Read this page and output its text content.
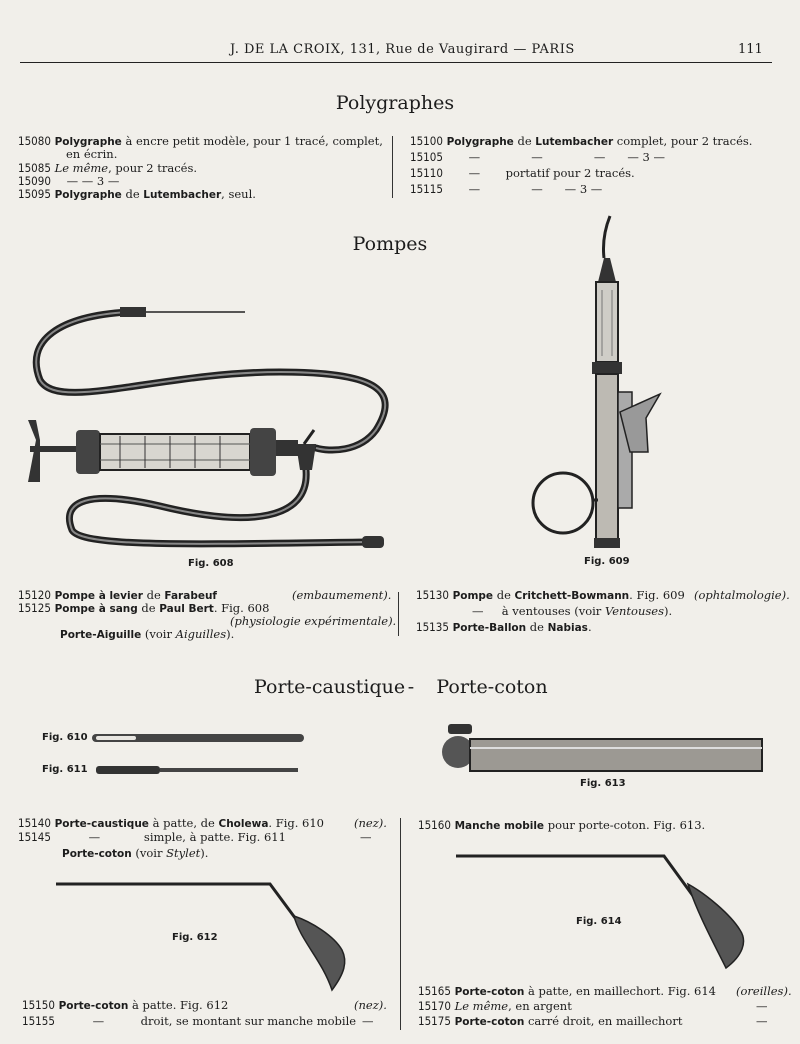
J. DE LA CROIX, 131, Rue de Vaugirard — PARIS	111
Polygraphes
15080 Polygraphe à encre petit modèle, pour 1 tracé, complet,
en écrin.
15085 Le même, pour 2 tracés.
15090 — — 3 —
15095 Polygraphe de Lutembacher, seul.
15100 Polygraphe de Lutembacher complet, pour 2 tracés.
15105 —              —              —      — 3 —
15110 —       portatif pour 2 tracés.
15115 —              —      — 3 —
Pompes
Fig. 608	Fig. 609
15120 Pompe à levier de Farabeuf	(embaumement).
15125 Pompe à sang de Paul Bert. Fig. 608
(physiologie expérimentale).
Porte-Aiguille (voir Aiguilles).
15130 Pompe de Critchett-Bowmann. Fig. 609 (ophtalmologie).
—     à ventouses (voir Ventouses).
15135 Porte-Ballon de Nabias.
Porte-caustique - Porte-coton
Fig. 610
Fig. 611
Fig. 613
Fig. 612
Fig. 614
15140 Porte-caustique à patte, de Cholewa. Fig. 610	(nez).
15145	—            simple, à patte. Fig. 611	—
Porte-coton (voir Stylet).
15160 Manche mobile pour porte-coton. Fig. 613.
15150 Porte-coton à patte. Fig. 612	(nez).
15155	—          droit, se montant sur manche mobile —
15165 Porte-coton à patte, en maillechort. Fig. 614 (oreilles).
15170 Le même, en argent	—
15175 Porte-coton carré droit, en maillechort	—
